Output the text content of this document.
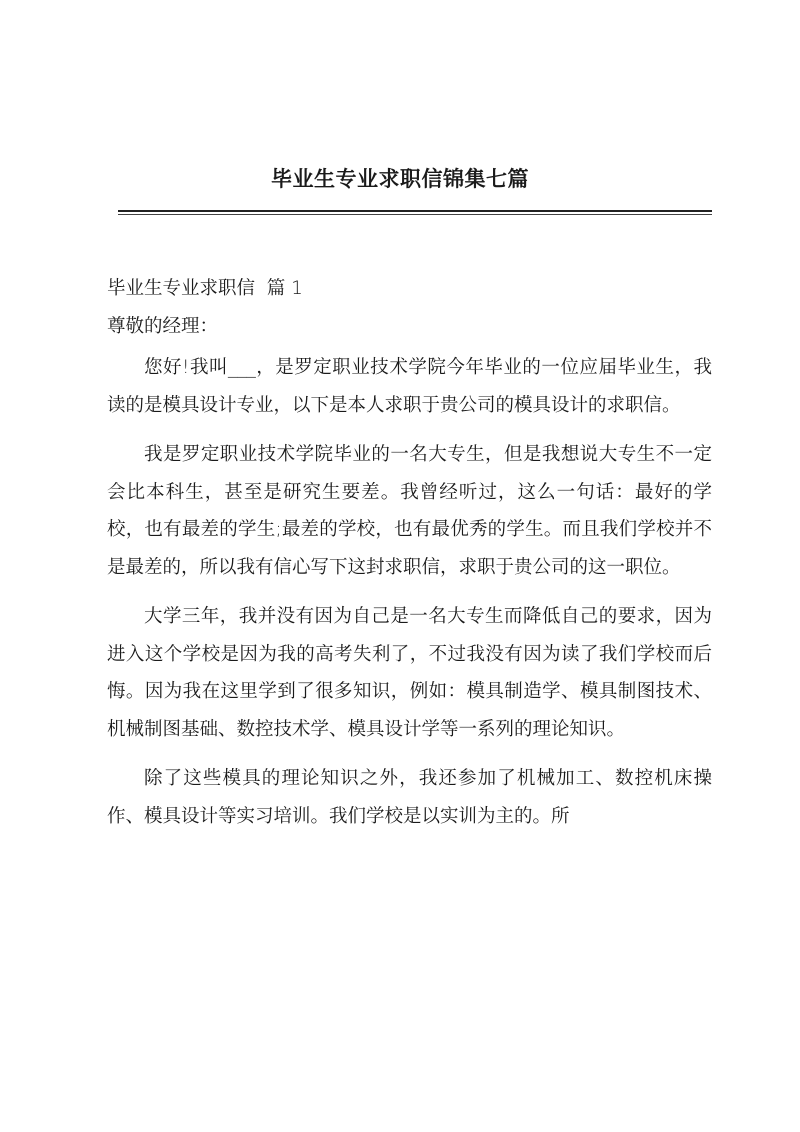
毕业生专业求职信锦集七篇

毕业生专业求职信  篇 1

尊敬的经理：

您好!我叫___，是罗定职业技术学院今年毕业的一位应届毕业生，我读的是模具设计专业，以下是本人求职于贵公司的模具设计的求职信。

我是罗定职业技术学院毕业的一名大专生，但是我想说大专生不一定会比本科生，甚至是研究生要差。我曾经听过，这么一句话：最好的学校，也有最差的学生;最差的学校，也有最优秀的学生。而且我们学校并不是最差的，所以我有信心写下这封求职信，求职于贵公司的这一职位。

大学三年，我并没有因为自己是一名大专生而降低自己的要求，因为进入这个学校是因为我的高考失利了，不过我没有因为读了我们学校而后悔。因为我在这里学到了很多知识，例如：模具制造学、模具制图技术、机械制图基础、数控技术学、模具设计学等一系列的理论知识。

除了这些模具的理论知识之外，我还参加了机械加工、数控机床操作、模具设计等实习培训。我们学校是以实训为主的。所
